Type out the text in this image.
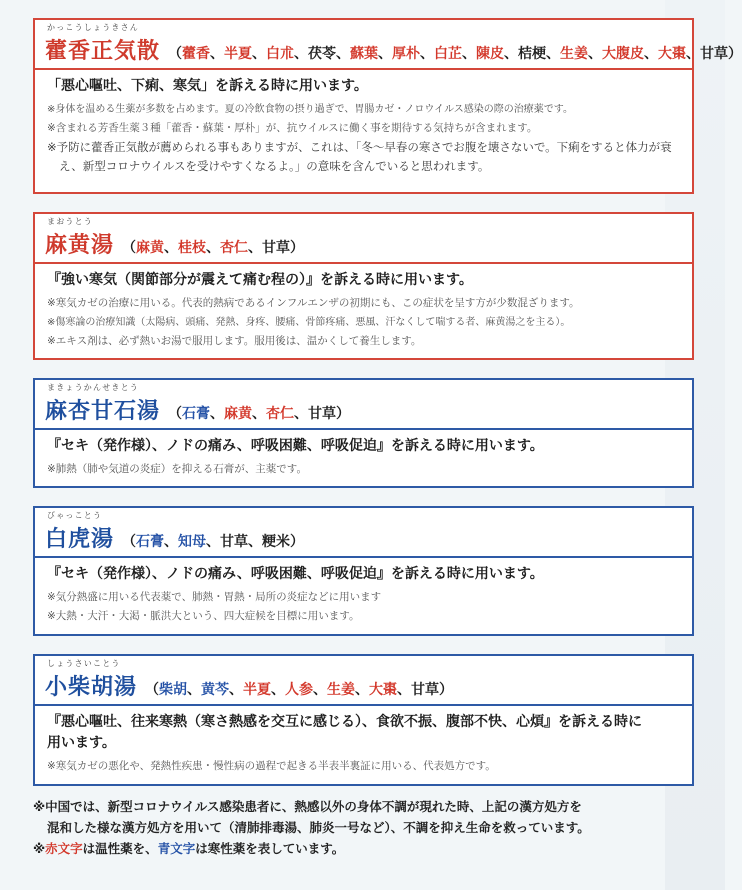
かっこうしょうきさん
藿香正気散 （藿香、半夏、白朮、茯苓、蘇葉、厚朴、白芷、陳皮、桔梗、生姜、大腹皮、大棗、甘草）
「悪心嘔吐、下痢、寒気」を訴える時に用います。
※身体を温める生薬が多数を占めます。夏の冷飲食物の摂り過ぎで、胃腸カゼ・ノロウイルス感染の際の治療薬です。
※含まれる芳香生薬３種「藿香・蘇葉・厚朴」が、抗ウイルスに働く事を期待する気持ちが含まれます。
※予防に藿香正気散が薦められる事もありますが、これは、「冬〜早春の寒さでお腹を壊さないで。下痢をすると体力が衰え、新型コロナウイルスを受けやすくなるよ。」の意味を含んでいると思われます。
まおうとう
麻黄湯 （麻黄、桂枝、杏仁、甘草）
『強い寒気（関節部分が震えて痛む程の）』を訴える時に用います。
※寒気カゼの治療に用いる。代表的熱病であるインフルエンザの初期にも、この症状を呈す方が少数混ざります。
※傷寒論の治療知識（太陽病、頭痛、発熱、身疼、腰痛、骨節疼痛、悪風、汗なくして喘する者、麻黄湯之を主る）。
※エキス剤は、必ず熱いお湯で服用します。服用後は、温かくして養生します。
まきょうかんせきとう
麻杏甘石湯 （石膏、麻黄、杏仁、甘草）
『セキ（発作様）、ノドの痛み、呼吸困難、呼吸促迫』を訴える時に用います。
※肺熱（肺や気道の炎症）を抑える石膏が、主薬です。
びゃっことう
白虎湯 （石膏、知母、甘草、粳米）
『セキ（発作様）、ノドの痛み、呼吸困難、呼吸促迫』を訴える時に用います。
※気分熱盛に用いる代表薬で、肺熱・胃熱・局所の炎症などに用います
※大熱・大汗・大渇・脈洪大という、四大症候を目標に用います。
しょうさいことう
小柴胡湯 （柴胡、黄芩、半夏、人参、生姜、大棗、甘草）
『悪心嘔吐、往来寒熱（寒さ熱感を交互に感じる）、食欲不振、腹部不快、心煩』を訴える時に用います。
※寒気カゼの悪化や、発熱性疾患・慢性病の過程で起きる半表半裏証に用いる、代表処方です。
※中国では、新型コロナウイルス感染患者に、熱感以外の身体不調が現れた時、上記の漢方処方を
混和した様な漢方処方を用いて（清肺排毒湯、肺炎一号など）、不調を抑え生命を救っています。
※赤文字は温性薬を、青文字は寒性薬を表しています。
